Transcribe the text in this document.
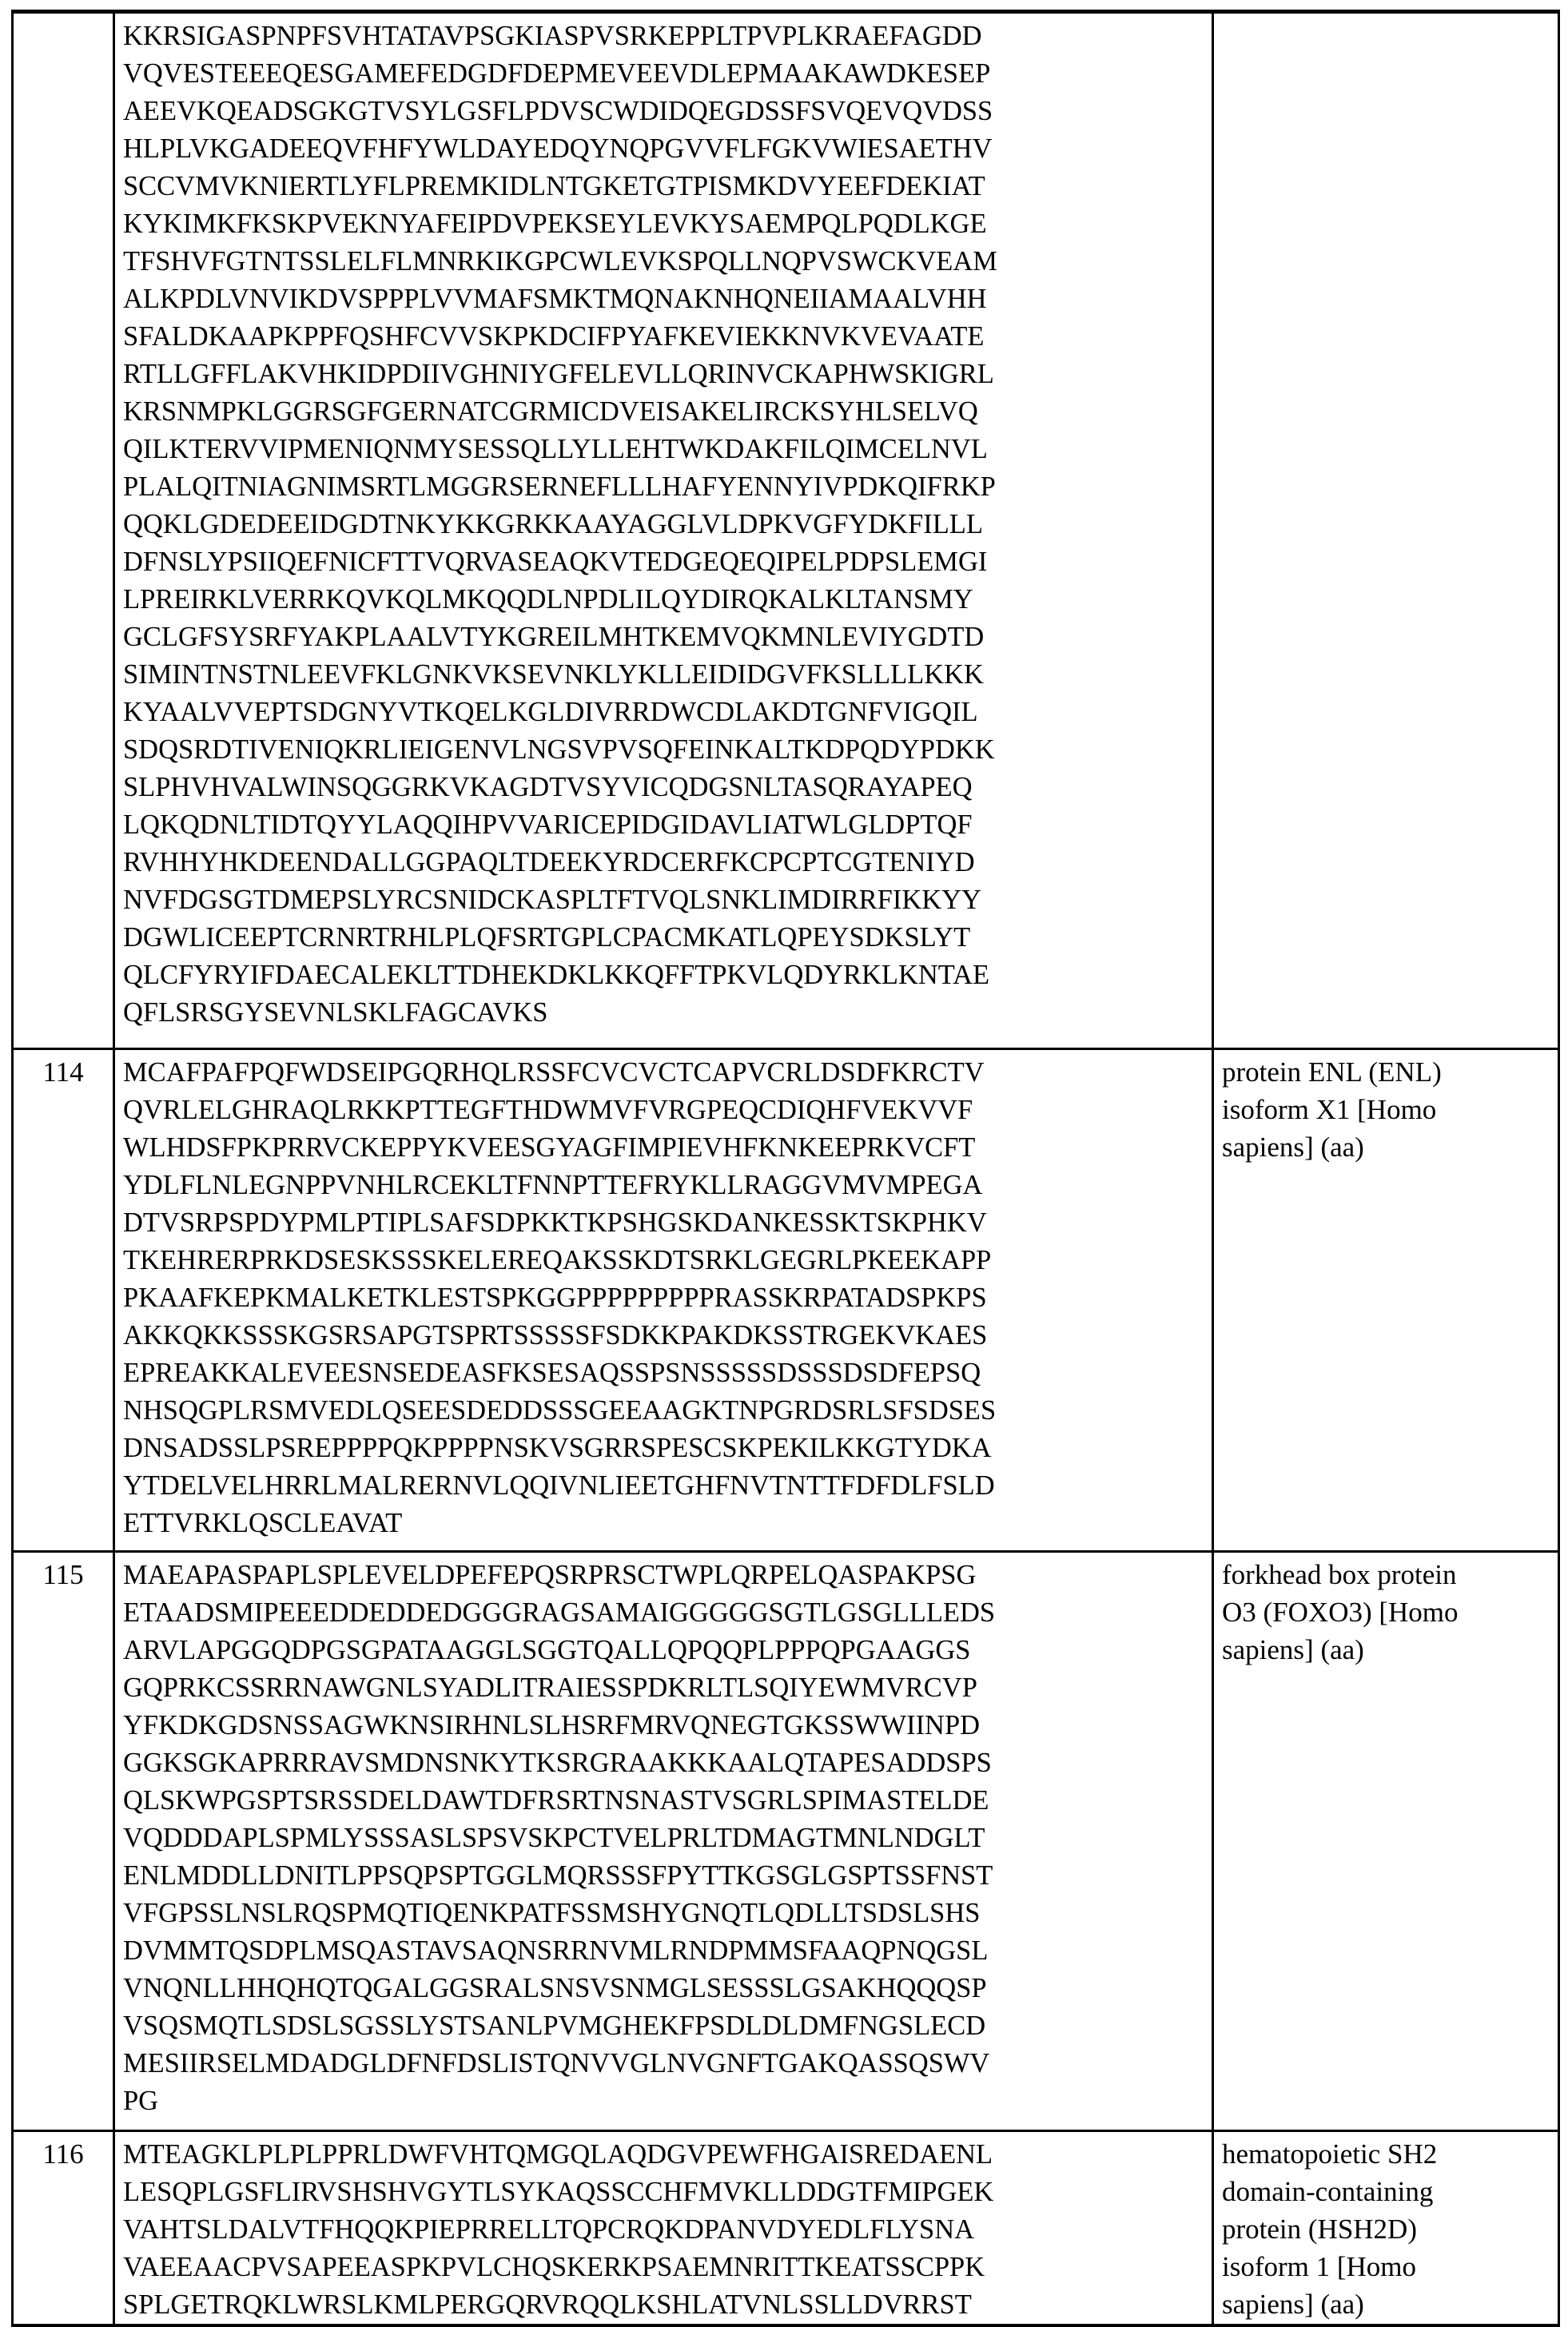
KKRSIGASPNPFSVHTATAVPSGKIASPVSRKEPPLTPVPLKRAEFAGDD
VQVESTEEEQESGAMEFEDGDFDEPMEVEEVDLEPMAAKAWDKESEP
AEEVKQEADSGKGTVSYLGSFLPDVSCWDIDQEGDSSFSVQEVQVDSS
HLPLVKGADEEQVFHFYWLDAYEDQYNQPGVVFLFGKVWIESAETHV
SCCVMVKNIERTLYFLPREMKIDLNTGKETGTPISMKDVYEEFDEKIAT
KYKIMKFKSKPVEKNYAFEIPDVPEKSEYLEVKYSAEMPQLPQDLKGE
TFSHVFGTNTSSLELFLMNRKIKGPCWLEVKSPQLLNQPVSWCKVEAM
ALKPDLVNVIKDVSPPPLVVMAFSMKTMQNAKNHQNEIIAMAALVHH
SFALDKAAPKPPFQSHFCVVSKPKDCIFPYAFKEVIEKKNVKVEVAATE
RTLLGFFLAKVHKIDPDIIVGHNIYGFELEVLLQRINVCKAPHWSKIGRL
KRSNMPKLGGRSGFGERNATCGRMICDVEISAKELIRCKSYHLSELVQ
QILKTERVVIPMENIQNMYSESSQLLYLLEHTWKDAKFILQIMCELNVL
PLALQITNIAGNIMSRTLMGGRSERNEFLLLHAFYENNYIVPDKQIFRKP
QQKLGDEDEEIDGDTNKYKKGRKKAAYAGGLVLDPKVGFYDKFILLL
DFNSLYPSIIQEFNICFTTVQRVASEAQKVTEDGEQEQIPELPDPSLEMGI
LPREIRKLVERRKQVKQLMKQQDLNPDLILQYDIRQKALKLTANSMY
GCLGFSYSRFYAKPLAALVTYKGREILMHTKEMVQKMNLEVIYGDTD
SIMINTNSTNLEEVFKLGNKVKSEVNKLYKLLEIDIDGVFKSLLLLKKK
KYAALVVEPTSDGNYVTKQELKGLDIVRRDWCDLAKDTGNFVIGQIL
SDQSRDTIVENIQKRLIEIGENVLNGSVPVSQFEINKALTKDPQDYPDKK
SLPHVHVALWINSQGGRKVKAGDTVSYVICQDGSNLTASQRAYAPEQ
LQKQDNLTIDTQYYLAQQIHPVVARICEPIDGIDAVLIATWLGLDPTQF
RVHHYHKDEENDALLGGPAQLTDEEKYRDCERFKCPCPTCGTENIYD
NVFDGSGTDMEPSLYRCSNIDCKASPLTFTVQLSNKLIMDIRRFIKKYY
DGWLICEEPTCRNRTRHLPLQFSRTGPLCPACMKATLQPEYSDKSLYT
QLCFYRYIFDAECALEKLTTDHEKDKLKKQFFTPKVLQDYRKLKNTAE
QFLSRSGYSEVNLSKLFAGCAVKS

114	MCAFPAFPQFWDSEIPGQRHQLRSSFCVCVCTCAPVCRLDSDFKRCTV
QVRLELGHRAQLRKKPTTEGFTHDWMVFVRGPEQCDIQHFVEKVVF
WLHDSFPKPRRVCKEPPYKVEESGYAGFIMPIEVHFKNKEEPRKVCFT
YDLFLNLEGNPPVNHLRCEKLTFNNPTTEFRYKLLRAGGVMVMPEGA
DTVSRPSPDYPMLPTIPLSAFSDPKKTKPSHGSKDANKESSKTSKPHKV
TKEHRERPRKDSESKSSSKELEREQAKSSKDTSRKLGEGRLPKEEKAPP
PKAAFKEPKMALKETKLESTSPKGGPPPPPPPPPRASSKRPATADSPKPS
AKKQKKSSSKGSRSAPGTSPRTSSSSSFSDKKPAKDKSSTRGEKVKAES
EPREAKKALEVEESNSEDEASFKSESAQSSPSNSSSSSDSSSDSDFEPSQ
NHSQGPLRSMVEDLQSEESDEDDSSSGEEAAGKTNPGRDSRLSFSDSES
DNSADSSLPSREPPPPQKPPPPNSKVSGRRSPESCSKPEKILKKGTYDKA
YTDELVELHRRLMALRERNVLQQIVNLIEETGHFNVTNTTFDFDLFSLD
ETTVRKLQSCLEAVAT

protein ENL (ENL)
isoform X1 [Homo
sapiens] (aa)

115	MAEAPASPAPLSPLEVELDPEFEPQSRPRSCTWPLQRPELQASPAKPSG
ETAADSMIPEEEDDEDDEDGGGRAGSAMAIGGGGGSGTLGSGLLLEDS
ARVLAPGGQDPGSGPATAAGGLSGGTQALLQPQQPLPPPQPGAAGGS
GQPRKCSSRRNAWGNLSYADLITRAIESSPDKRLTLSQIYEWMVRCVP
YFKDKGDSNSSAGWKNSIRHNLSLHSRFMRVQNEGTGKSSWWIINPD
GGKSGKAPRRRAVSMDNSNKYTKSRGRAAKKKAALQTAPESADDSPS
QLSKWPGSPTSRSSDELDAWTDFRSRTNSNASTVSGRLSPIMASTELDE
VQDDDAPLSPMLYSSSASLSPSVSKPCTVELPRLTDMAGTMNLNDGLT
ENLMDDLLDNITLPPSQPSPTGGLMQRSSSFPYTTKGSGLGSPTSSFNST
VFGPSSLNSLRQSPMQTIQENKPATFSSMSHYGNQTLQDLLTSDSLSHS
DVMMTQSDPLMSQASTAVSAQNSRRNVMLRNDPMMSFAAQPNQGSL
VNQNLLHHQHQTQGALGGSRALSNSVSNMGLSESSSLGSAKHQQQSP
VSQSMQTLSDSLSGSSLYSTSANLPVMGHEKFPSDLDLDMFNGSLECD
MESIIRSELMDADGLDFNFDSLISTQNVVGLNVGNFTGAKQASSQSWV
PG

forkhead box protein
O3 (FOXO3) [Homo
sapiens] (aa)

116	MTEAGKLPLPLPPRLDWFVHTQMGQLAQDGVPEWFHGAISREDAENL
LESQPLGSFLIRVSHSHVGYTLSYKAQSSCCHFMVKLLDDGTFMIPGEK
VAHTSLDALVTFHQQKPIEPRRELLTQPCRQKDPANVDYEDLFLYSNA
VAEEAACPVSAPEEASPKPVLCHQSKERKPSAEMNRITTKEATSSCPPK
SPLGETRQKLWRSLKMLPERGQRVRQQLKSHLATVNLSSLLDVRRST

hematopoietic SH2
domain-containing
protein (HSH2D)
isoform 1 [Homo
sapiens] (aa)
